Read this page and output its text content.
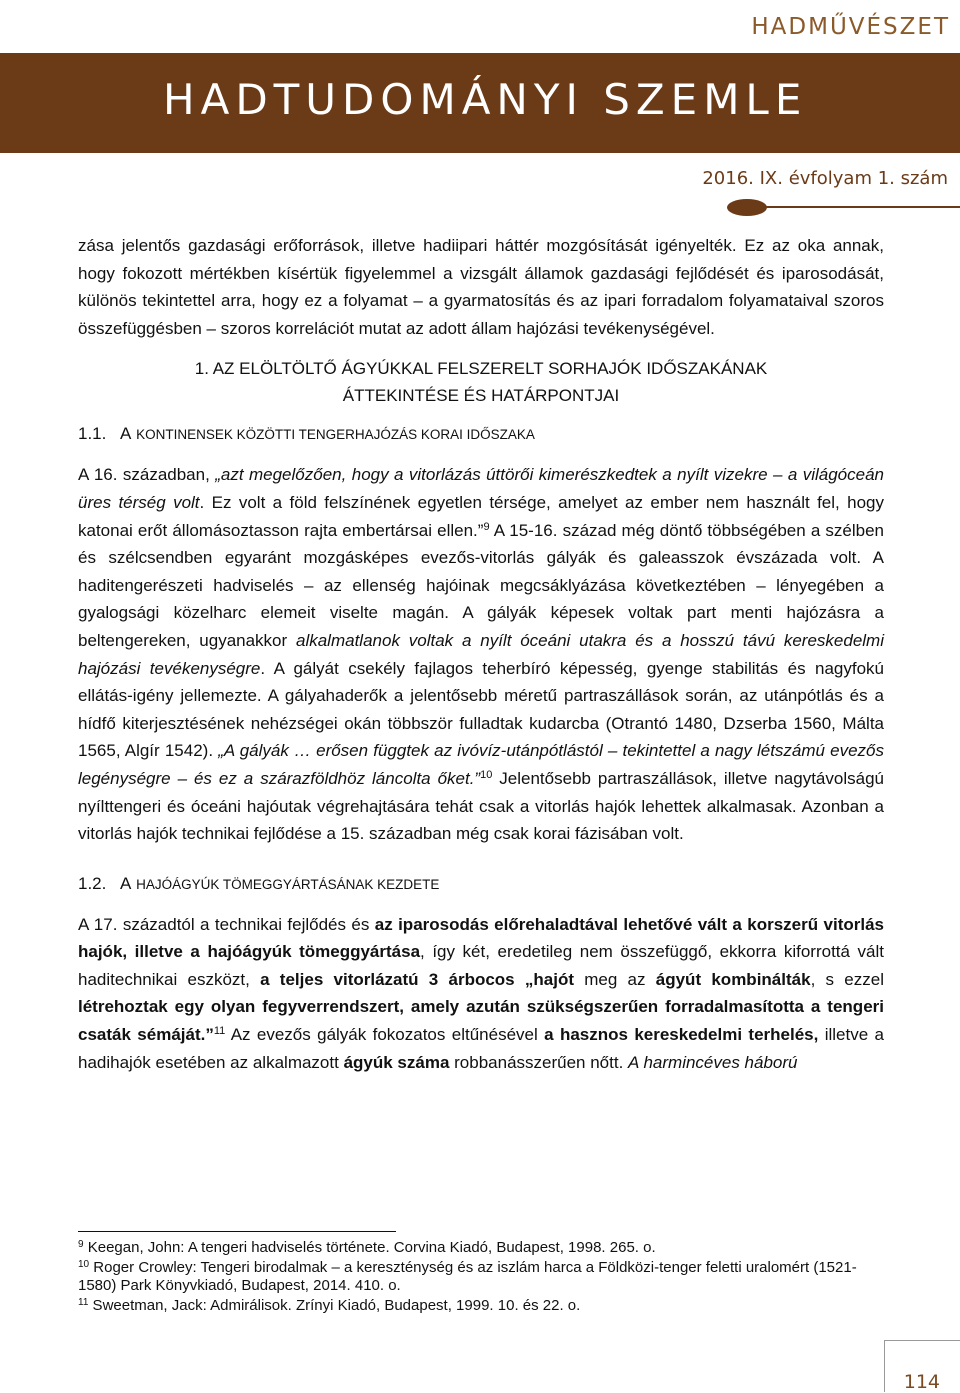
HADMŰVÉSZET
HADTUDOMÁNYI SZEMLE
2016. IX. évfolyam 1. szám

zása jelentős gazdasági erőforrások, illetve hadiipari háttér mozgósítását igényelték. Ez az oka annak, hogy fokozott mértékben kísértük figyelemmel a vizsgált államok gazdasági fejlődését és iparosodását, különös tekintettel arra, hogy ez a folyamat – a gyarmatosítás és az ipari forradalom folyamataival szoros összefüggésben – szoros korrelációt mutat az adott állam hajózási tevékenységével.

1. AZ ELÖLTÖLTŐ ÁGYÚKKAL FELSZERELT SORHAJÓK IDŐSZAKÁNAK
ÁTTEKINTÉSE ÉS HATÁRPONTJAI
1.1. A KONTINENSEK KÖZÖTTI TENGERHAJÓZÁS KORAI IDŐSZAKA

A 16. században, „azt megelőzően, hogy a vitorlázás úttörői kimerészkedtek a nyílt vizekre – a világóceán üres térség volt. Ez volt a föld felszínének egyetlen térsége, amelyet az ember nem használt fel, hogy katonai erőt állomásoztasson rajta embertársai ellen.”$^9$ A 15-16. század még döntő többségében a szélben és szélcsendben egyaránt mozgásképes evezős-vitorlás gályák és galeasszok évszázada volt. A haditengerészeti hadviselés – az ellenség hajóinak megcsáklyázása következtében – lényegében a gyalogsági közelharc elemeit viselte magán. A gályák képesek voltak part menti hajózásra a beltengereken, ugyanakkor alkalmatlanok voltak a nyílt óceáni utakra és a hosszú távú kereskedelmi hajózási tevékenységre. A gályát csekély fajlagos teherbíró képesség, gyenge stabilitás és nagyfokú ellátás-igény jellemezte. A gályahaderők a jelentősebb méretű partraszállások során, az utánpótlás és a hídfő kiterjesztésének nehézségei okán többször fulladtak kudarcba (Otrantó 1480, Dzserba 1560, Málta 1565, Algír 1542). „A gályák … erősen függtek az ivóvíz-utánpótlástól – tekintettel a nagy létszámú evezős legénységre – és ez a szárazföldhöz láncolta őket.”$^{10}$ Jelentősebb partraszállások, illetve nagytávolságú nyílttengeri és óceáni hajóutak végrehajtására tehát csak a vitorlás hajók lehettek alkalmasak. Azonban a vitorlás hajók technikai fejlődése a 15. században még csak korai fázisában volt.

1.2. A HAJÓÁGYÚK TÖMEGGYÁRTÁSÁNAK KEZDETE

A 17. századtól a technikai fejlődés és az iparosodás előrehaladtával lehetővé vált a korszerű vitorlás hajók, illetve a hajóágyúk tömeggyártása, így két, eredetileg nem összefüggő, ekkorra kiforrottá vált haditechnikai eszközt, a teljes vitorlázatú 3 árbocos „hajót meg az ágyút kombinálták, s ezzel létrehoztak egy olyan fegyverrendszert, amely azután szükségszerűen forradalmasította a tengeri csaták sémáját.”$^{11}$ Az evezős gályák fokozatos eltűnésével a hasznos kereskedelmi terhelés, illetve a hadihajók esetében az alkalmazott ágyúk száma robbanásszerűen nőtt. A harmincéves háború

$^9$ Keegan, John: A tengeri hadviselés története. Corvina Kiadó, Budapest, 1998. 265. o.

$^{10}$ Roger Crowley: Tengeri birodalmak – a kereszténység és az iszlám harca a Földközi-tenger feletti uralomért (1521-1580) Park Könyvkiadó, Budapest, 2014. 410. o.

$^{11}$ Sweetman, Jack: Admirálisok. Zrínyi Kiadó, Budapest, 1999. 10. és 22. o.

114
